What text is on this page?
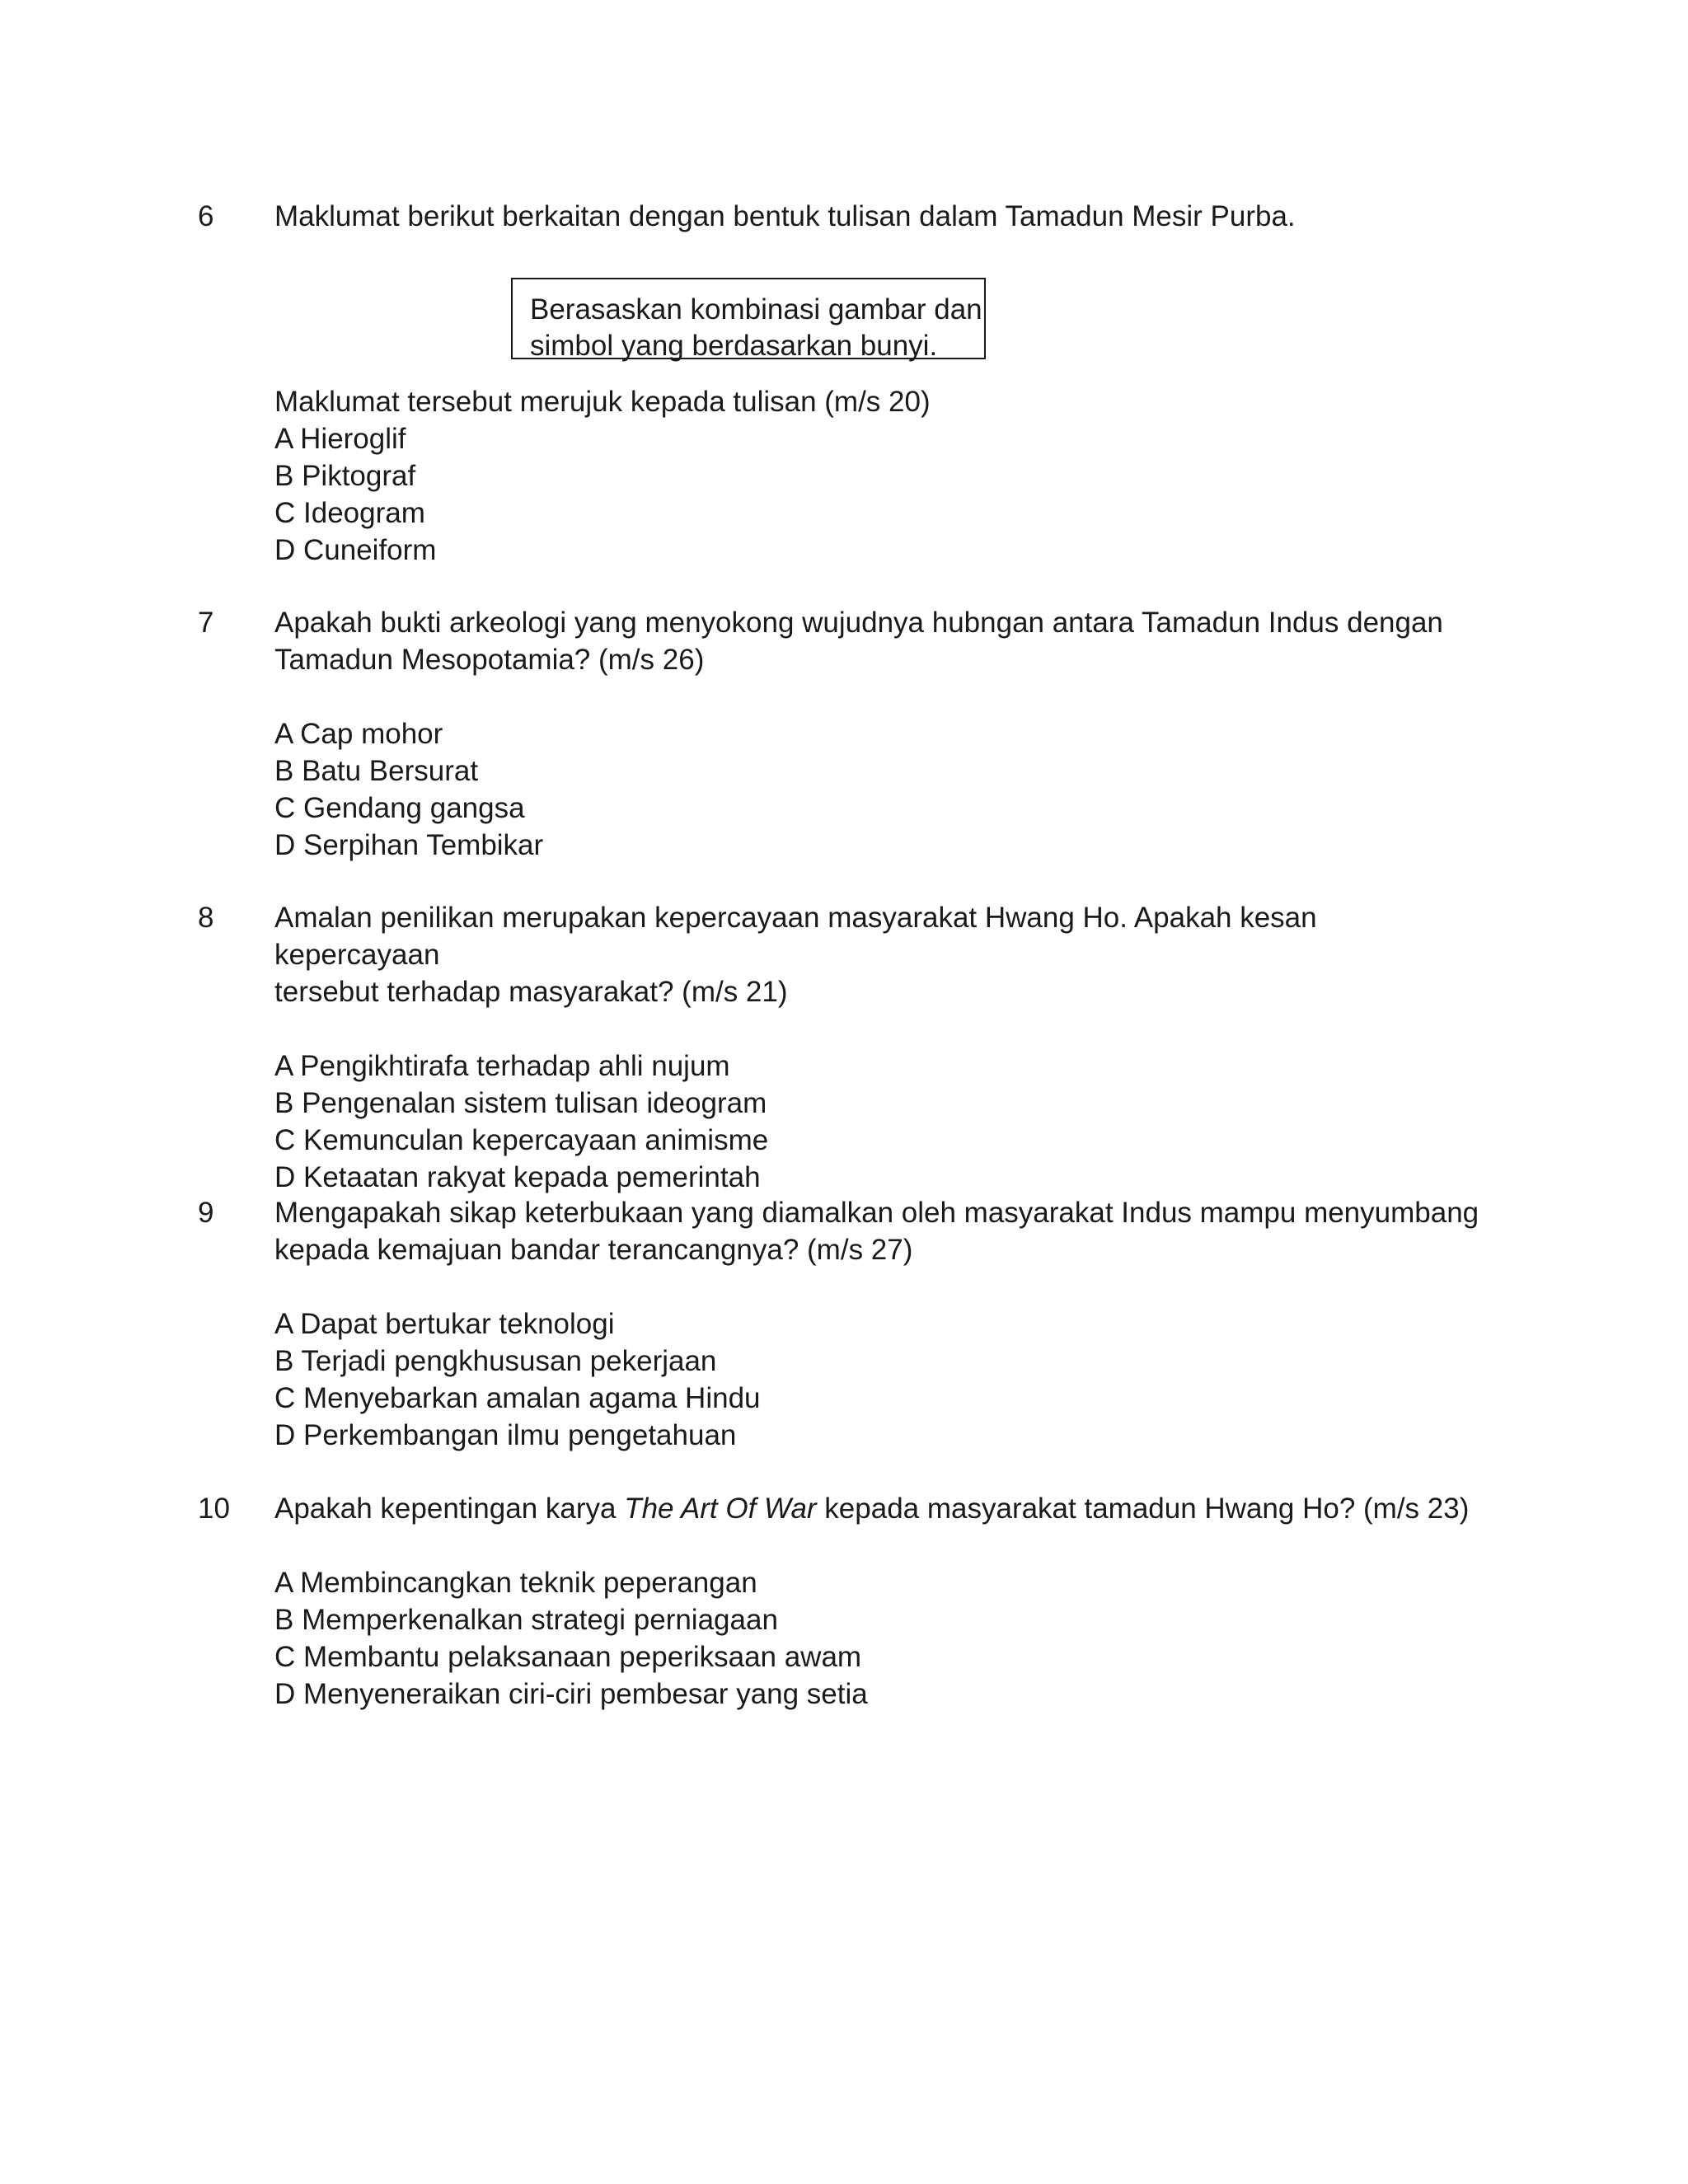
6	Maklumat berikut berkaitan dengan bentuk tulisan dalam Tamadun Mesir Purba.

Berasaskan kombinasi gambar dan
simbol yang berdasarkan bunyi.

Maklumat tersebut merujuk kepada tulisan (m/s 20)

A Hieroglif
B Piktograf
C Ideogram
D Cuneiform
7	Apakah bukti arkeologi yang menyokong wujudnya hubngan antara Tamadun Indus dengan

Tamadun Mesopotamia? (m/s 26)

A Cap mohor
B Batu Bersurat
C Gendang gangsa
D Serpihan Tembikar
8	Amalan penilikan merupakan kepercayaan masyarakat Hwang Ho. Apakah kesan kepercayaan

tersebut terhadap masyarakat? (m/s 21)

A Pengikhtirafa terhadap ahli nujum
B Pengenalan sistem tulisan ideogram
C Kemunculan kepercayaan animisme
D Ketaatan rakyat kepada pemerintah
9	Mengapakah sikap keterbukaan yang diamalkan oleh masyarakat Indus mampu menyumbang

kepada kemajuan bandar terancangnya? (m/s 27)

A Dapat bertukar teknologi
B Terjadi pengkhususan pekerjaan
C Menyebarkan amalan agama Hindu
D Perkembangan ilmu pengetahuan
10	Apakah kepentingan karya The Art Of War kepada masyarakat tamadun Hwang Ho? (m/s 23)

A Membincangkan teknik peperangan
B Memperkenalkan strategi perniagaan
C Membantu pelaksanaan peperiksaan awam
D Menyeneraikan ciri-ciri pembesar yang setia
